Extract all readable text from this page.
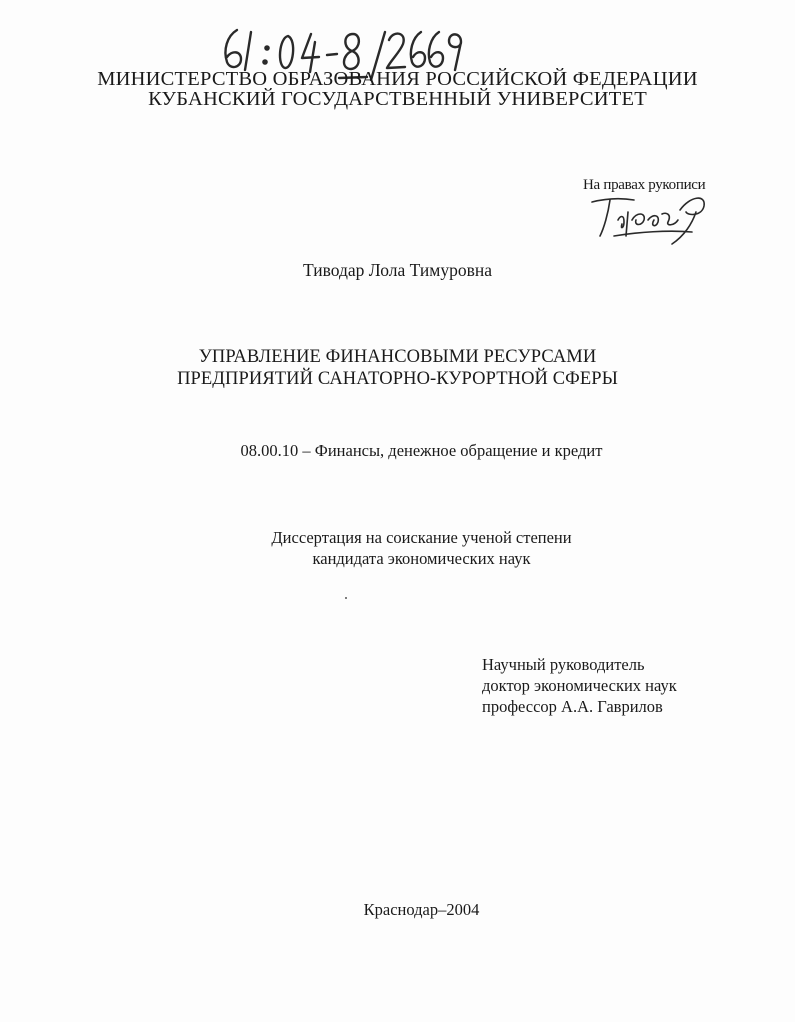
МИНИСТЕРСТВО ОБРАЗОВАНИЯ РОССИЙСКОЙ ФЕДЕРАЦИИ
КУБАНСКИЙ ГОСУДАРСТВЕННЫЙ УНИВЕРСИТЕТ
На правах рукописи
Тиводар Лола Тимуровна
УПРАВЛЕНИЕ ФИНАНСОВЫМИ РЕСУРСАМИ
ПРЕДПРИЯТИЙ САНАТОРНО-КУРОРТНОЙ СФЕРЫ
08.00.10 – Финансы, денежное обращение и кредит
Диссертация на соискание ученой степени
кандидата экономических наук
Научный руководитель
доктор экономических наук
профессор А.А. Гаврилов
Краснодар–2004
